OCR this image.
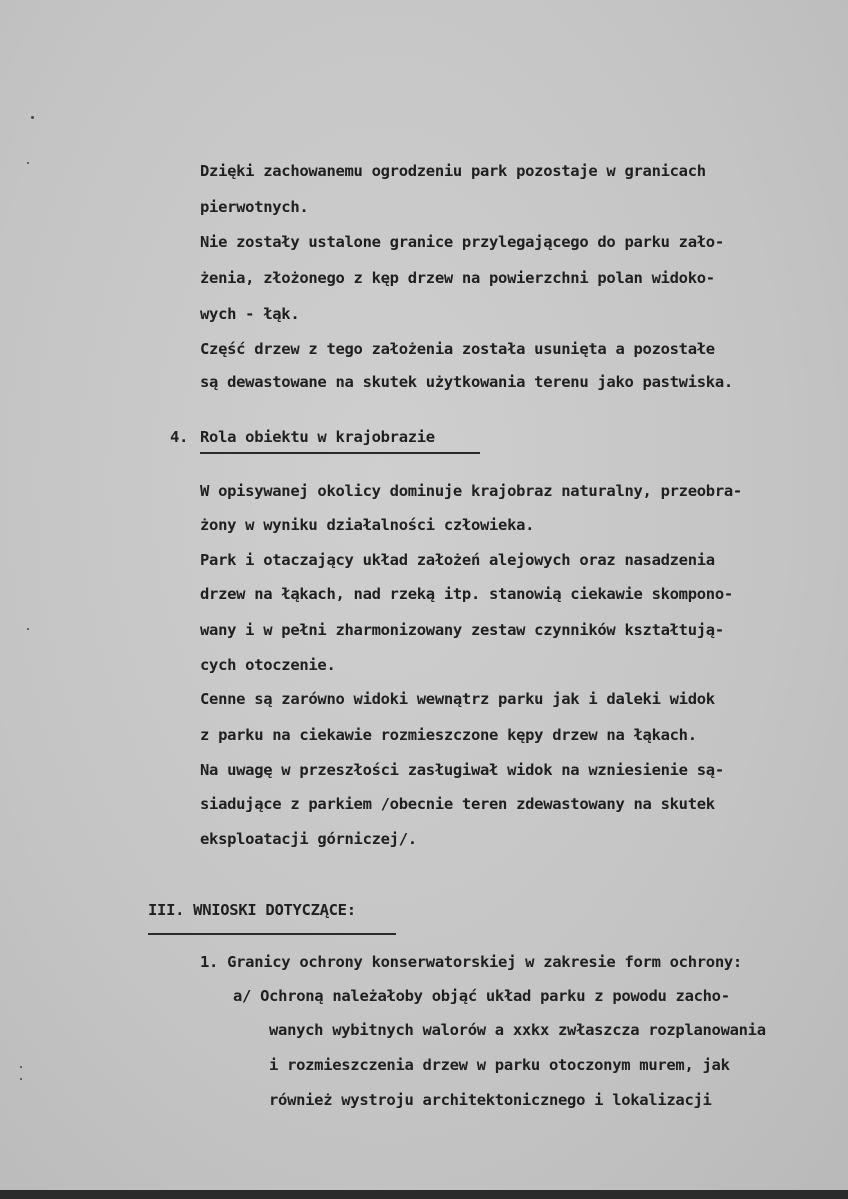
Dzięki zachowanemu ogrodzeniu park pozostaje w granicach
pierwotnych.
Nie zostały ustalone granice przylegającego do parku zało-
żenia, złożonego z kęp drzew na powierzchni polan widoko-
wych - łąk.
Część drzew z tego założenia została usunięta a pozostałe
są dewastowane na skutek użytkowania terenu jako pastwiska.
4. Rola obiektu w krajobrazie
W opisywanej okolicy dominuje krajobraz naturalny, przeobra-
żony w wyniku działalności człowieka.
Park i otaczający układ założeń alejowych oraz nasadzenia
drzew na łąkach, nad rzeką itp. stanowią ciekawie skompono-
wany i w pełni zharmonizowany zestaw czynników kształtują-
cych otoczenie.
Cenne są zarówno widoki wewnątrz parku jak i daleki widok
z parku na ciekawie rozmieszczone kępy drzew na łąkach.
Na uwagę w przeszłości zasługiwał widok na wzniesienie są-
siadujące z parkiem /obecnie teren zdewastowany na skutek
eksploatacji górniczej/.
III. WNIOSKI DOTYCZĄCE:
1. Granicy ochrony konserwatorskiej w zakresie form ochrony:
a/ Ochroną należałoby objąć układ parku z powodu zacho-
wanych wybitnych walorów a xxkx zwłaszcza rozplanowania
i rozmieszczenia drzew w parku otoczonym murem, jak
również wystroju architektonicznego i lokalizacji
